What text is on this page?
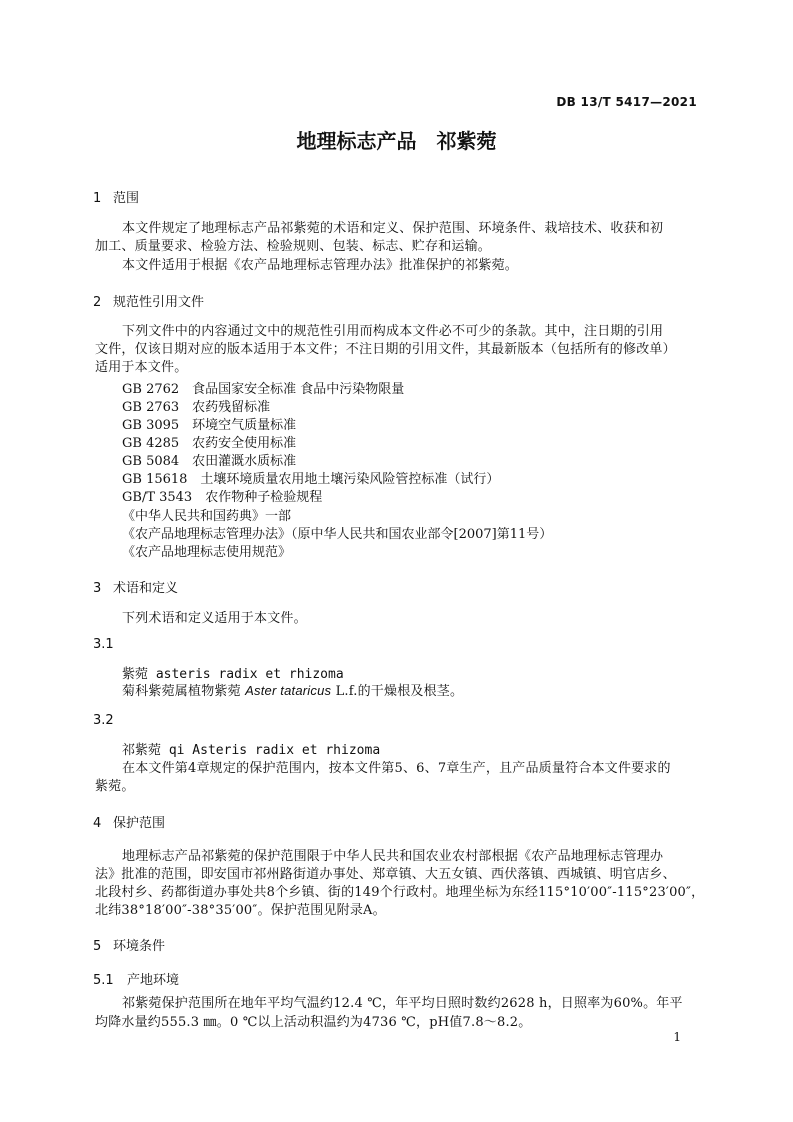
DB 13/T 5417—2021
地理标志产品　祁紫菀
1 范围
本文件规定了地理标志产品祁紫菀的术语和定义、保护范围、环境条件、栽培技术、收获和初
加工、质量要求、检验方法、检验规则、包装、标志、贮存和运输。
本文件适用于根据《农产品地理标志管理办法》批准保护的祁紫菀。
2 规范性引用文件
下列文件中的内容通过文中的规范性引用而构成本文件必不可少的条款。其中，注日期的引用
文件，仅该日期对应的版本适用于本文件；不注日期的引用文件，其最新版本（包括所有的修改单）
适用于本文件。
GB 2762　食品国家安全标准 食品中污染物限量
GB 2763　农药残留标准
GB 3095　环境空气质量标准
GB 4285　农药安全使用标准
GB 5084　农田灌溉水质标准
GB 15618　土壤环境质量农用地土壤污染风险管控标准（试行）
GB/T 3543　农作物种子检验规程
《中华人民共和国药典》一部
《农产品地理标志管理办法》（原中华人民共和国农业部令[2007]第11号）
《农产品地理标志使用规范》
3 术语和定义
下列术语和定义适用于本文件。
3.1
紫菀 asteris radix et rhizoma
菊科紫菀属植物紫菀 Aster tataricus L.f.的干燥根及根茎。
3.2
祁紫菀 qi Asteris radix et rhizoma
在本文件第4章规定的保护范围内，按本文件第5、6、7章生产，且产品质量符合本文件要求的
紫菀。
4 保护范围
地理标志产品祁紫菀的保护范围限于中华人民共和国农业农村部根据《农产品地理标志管理办
法》批准的范围，即安国市祁州路街道办事处、郑章镇、大五女镇、西伏落镇、西城镇、明官店乡、
北段村乡、药都街道办事处共8个乡镇、街的149个行政村。地理坐标为东经115°10′00″-115°23′00″，
北纬38°18′00″-38°35′00″。保护范围见附录A。
5 环境条件
5.1 产地环境
祁紫菀保护范围所在地年平均气温约12.4 ℃，年平均日照时数约2628 h，日照率为60%。年平
均降水量约555.3 ㎜。0 ℃以上活动积温约为4736 ℃，pH值7.8～8.2。
1
